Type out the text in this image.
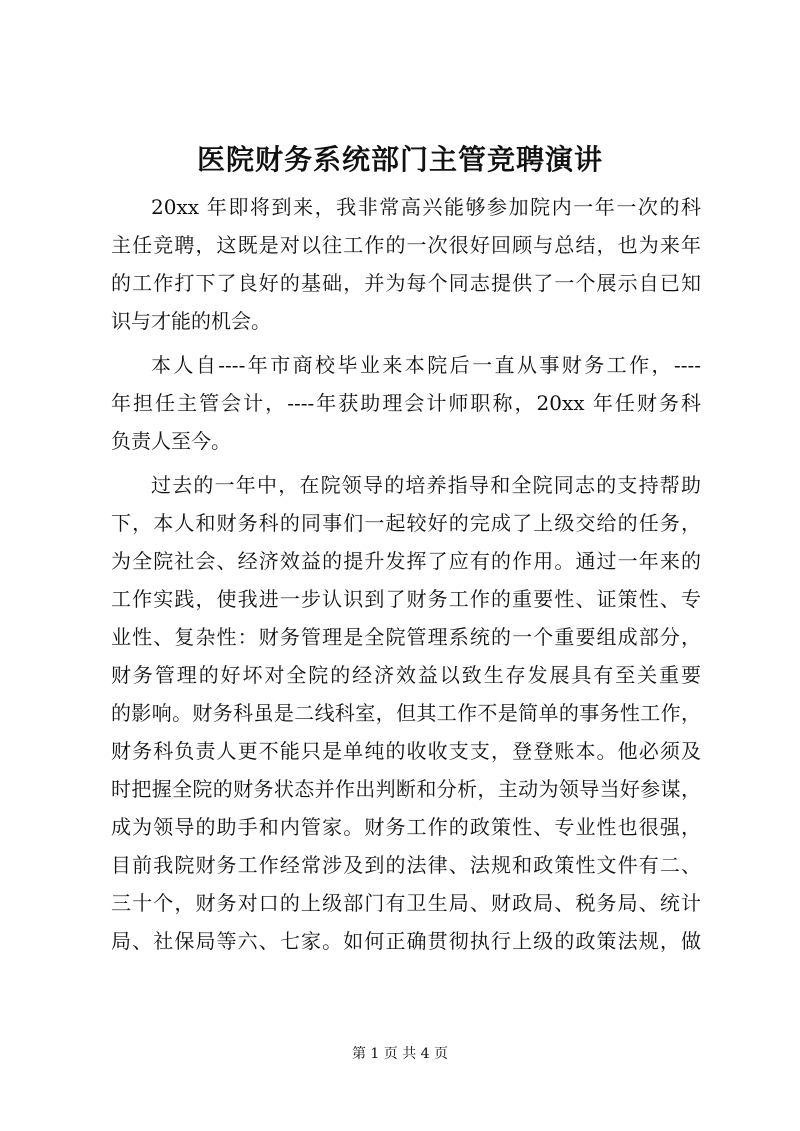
医院财务系统部门主管竞聘演讲
20xx 年即将到来，我非常高兴能够参加院内一年一次的科
主任竞聘，这既是对以往工作的一次很好回顾与总结，也为来年
的工作打下了良好的基础，并为每个同志提供了一个展示自已知
识与才能的机会。
本人自----年市商校毕业来本院后一直从事财务工作，----
年担任主管会计，----年获助理会计师职称，20xx 年任财务科
负责人至今。
过去的一年中，在院领导的培养指导和全院同志的支持帮助
下，本人和财务科的同事们一起较好的完成了上级交给的任务，
为全院社会、经济效益的提升发挥了应有的作用。通过一年来的
工作实践，使我进一步认识到了财务工作的重要性、证策性、专
业性、复杂性：财务管理是全院管理系统的一个重要组成部分，
财务管理的好坏对全院的经济效益以致生存发展具有至关重要
的影响。财务科虽是二线科室，但其工作不是简单的事务性工作，
财务科负责人更不能只是单纯的收收支支，登登账本。他必须及
时把握全院的财务状态并作出判断和分析，主动为领导当好参谋，
成为领导的助手和内管家。财务工作的政策性、专业性也很强，
目前我院财务工作经常涉及到的法律、法规和政策性文件有二、
三十个，财务对口的上级部门有卫生局、财政局、税务局、统计
局、社保局等六、七家。如何正确贯彻执行上级的政策法规，做
第 1 页 共 4 页
